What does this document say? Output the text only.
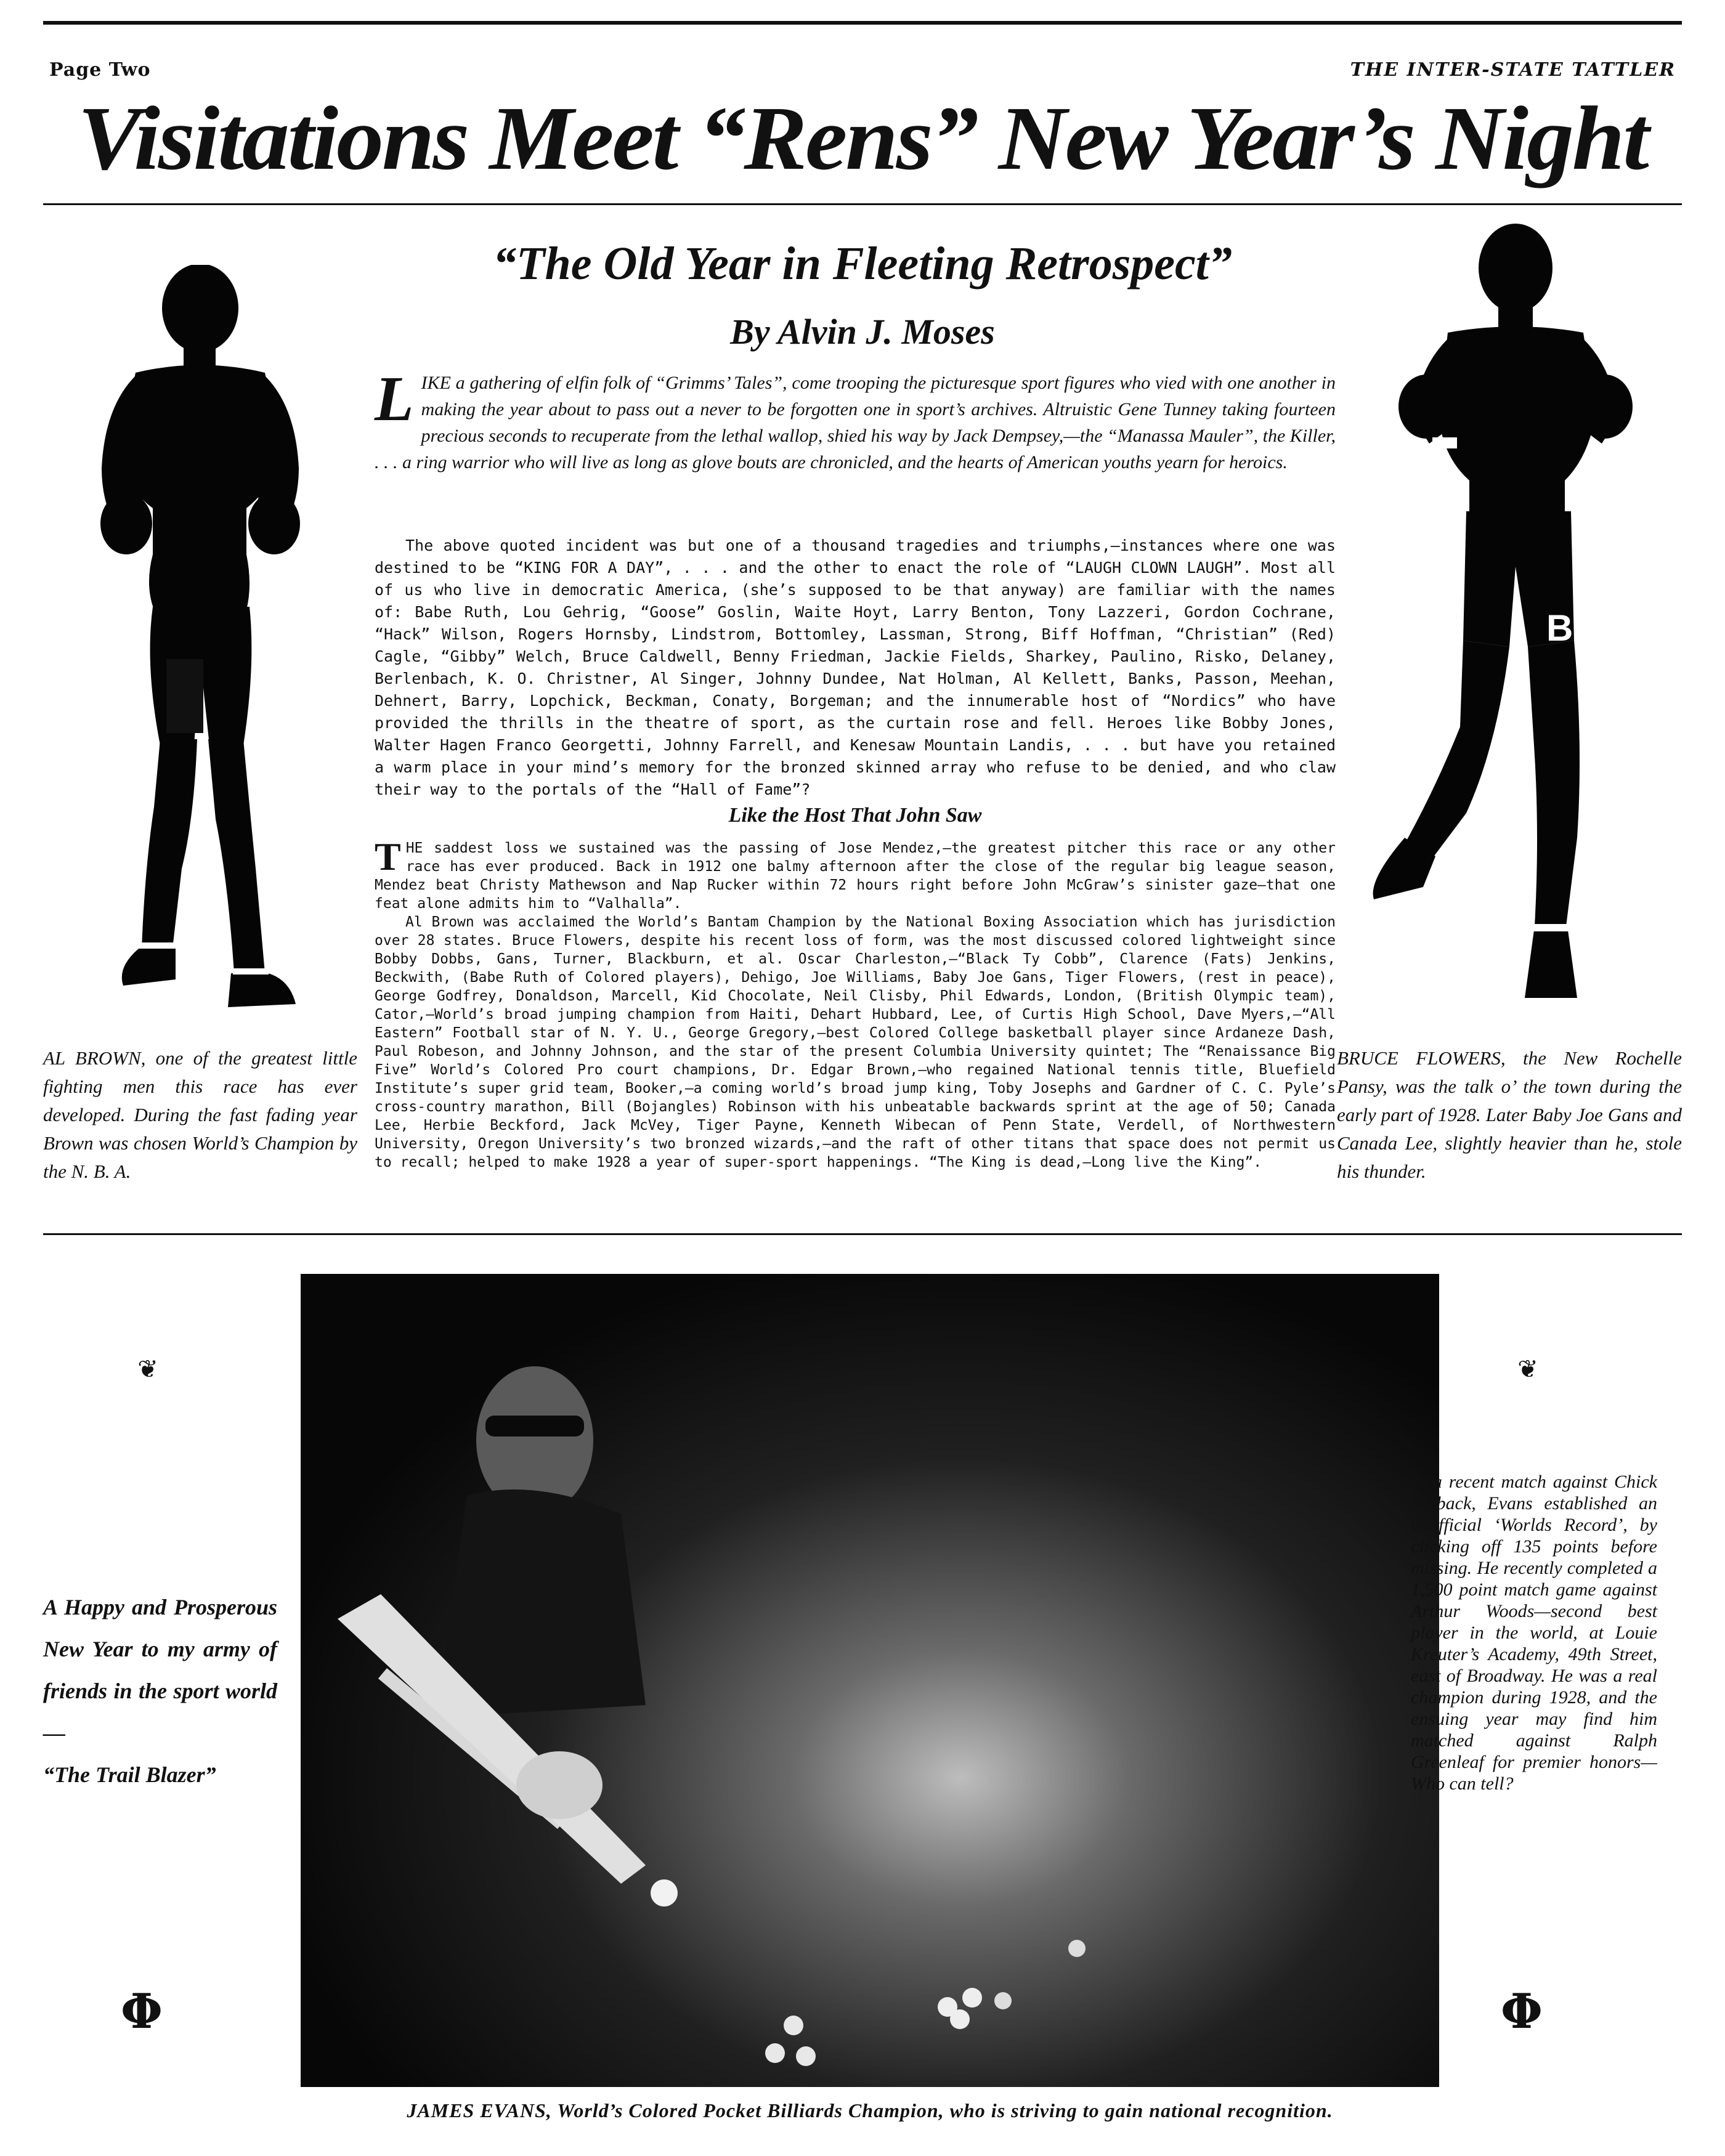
Page Two	THE INTER-STATE TATTLER
Visitations Meet “Rens” New Year’s Night
B
“The Old Year in Fleeting Retrospect”
By Alvin J. Moses
L IKE a gathering of elfin folk of “Grimms’ Tales”, come trooping the picturesque sport figures who vied with one another in making the year about to pass out a never to be forgotten one in sport’s archives. Altruistic Gene Tunney taking fourteen precious seconds to recuperate from the lethal wallop, shied his way by Jack Dempsey,—the “Manassa Mauler”, the Killer, . . . a ring warrior who will live as long as glove bouts are chronicled, and the hearts of American youths yearn for heroics.

The above quoted incident was but one of a thousand tragedies and triumphs,—instances where one was destined to be “KING FOR A DAY”, . . . and the other to enact the role of “LAUGH CLOWN LAUGH”. Most all of us who live in democratic America, (she’s supposed to be that anyway) are familiar with the names of: Babe Ruth, Lou Gehrig, “Goose” Goslin, Waite Hoyt, Larry Benton, Tony Lazzeri, Gordon Cochrane, “Hack” Wilson, Rogers Hornsby, Lindstrom, Bottomley, Lassman, Strong, Biff Hoffman, “Christian” (Red) Cagle, “Gibby” Welch, Bruce Caldwell, Benny Friedman, Jackie Fields, Sharkey, Paulino, Risko, Delaney, Berlenbach, K. O. Christner, Al Singer, Johnny Dundee, Nat Holman, Al Kellett, Banks, Passon, Meehan, Dehnert, Barry, Lopchick, Beckman, Conaty, Borgeman; and the innumerable host of “Nordics” who have provided the thrills in the theatre of sport, as the curtain rose and fell. Heroes like Bobby Jones, Walter Hagen Franco Georgetti, Johnny Farrell, and Kenesaw Mountain Landis, . . . but have you retained a warm place in your mind’s memory for the bronzed skinned array who refuse to be denied, and who claw their way to the portals of the “Hall of Fame”?

Like the Host That John Saw

THE saddest loss we sustained was the passing of Jose Mendez,—the greatest pitcher this race or any other race has ever produced. Back in 1912 one balmy afternoon after the close of the regular big league season, Mendez beat Christy Mathewson and Nap Rucker within 72 hours right before John McGraw’s sinister gaze—that one feat alone admits him to “Valhalla”.

Al Brown was acclaimed the World’s Bantam Champion by the National Boxing Association which has jurisdiction over 28 states. Bruce Flowers, despite his recent loss of form, was the most discussed colored lightweight since Bobby Dobbs, Gans, Turner, Blackburn, et al. Oscar Charleston,—“Black Ty Cobb”, Clarence (Fats) Jenkins, Beckwith, (Babe Ruth of Colored players), Dehigo, Joe Williams, Baby Joe Gans, Tiger Flowers, (rest in peace), George Godfrey, Donaldson, Marcell, Kid Chocolate, Neil Clisby, Phil Edwards, London, (British Olympic team), Cator,—World’s broad jumping champion from Haiti, Dehart Hubbard, Lee, of Curtis High School, Dave Myers,—“All Eastern” Football star of N. Y. U., George Gregory,—best Colored College basketball player since Ardaneze Dash, Paul Robeson, and Johnny Johnson, and the star of the present Columbia University quintet; The “Renaissance Big Five” World’s Colored Pro court champions, Dr. Edgar Brown,—who regained National tennis title, Bluefield Institute’s super grid team, Booker,—a coming world’s broad jump king, Toby Josephs and Gardner of C. C. Pyle’s cross-country marathon, Bill (Bojangles) Robinson with his unbeatable backwards sprint at the age of 50; Canada Lee, Herbie Beckford, Jack McVey, Tiger Payne, Kenneth Wibecan of Penn State, Verdell, of Northwestern University, Oregon University’s two bronzed wizards,—and the raft of other titans that space does not permit us to recall; helped to make 1928 a year of super-sport happenings. “The King is dead,—Long live the King”.

AL BROWN, one of the greatest little fighting men this race has ever developed. During the fast fading year Brown was chosen World’s Champion by the N. B. A.
BRUCE FLOWERS, the New Rochelle Pansy, was the talk o’ the town during the early part of 1928. Later Baby Joe Gans and Canada Lee, slightly heavier than he, stole his thunder.
JAMES EVANS, World’s Colored Pocket Billiards Champion, who is striving to gain national recognition.
A Happy and Prosperous New Year to my army of friends in the sport world —
“The Trail Blazer”
In a recent match against Chick Seeback, Evans established an unofficial ‘Worlds Record’, by clicking off 135 points before missing. He recently completed a 1,500 point match game against Arthur Woods—second best player in the world, at Louie Kreuter’s Academy, 49th Street, east of Broadway. He was a real champion during 1928, and the ensuing year may find him matched against Ralph Greenleaf for premier honors—Who can tell?
❦	❦
Φ	Φ
